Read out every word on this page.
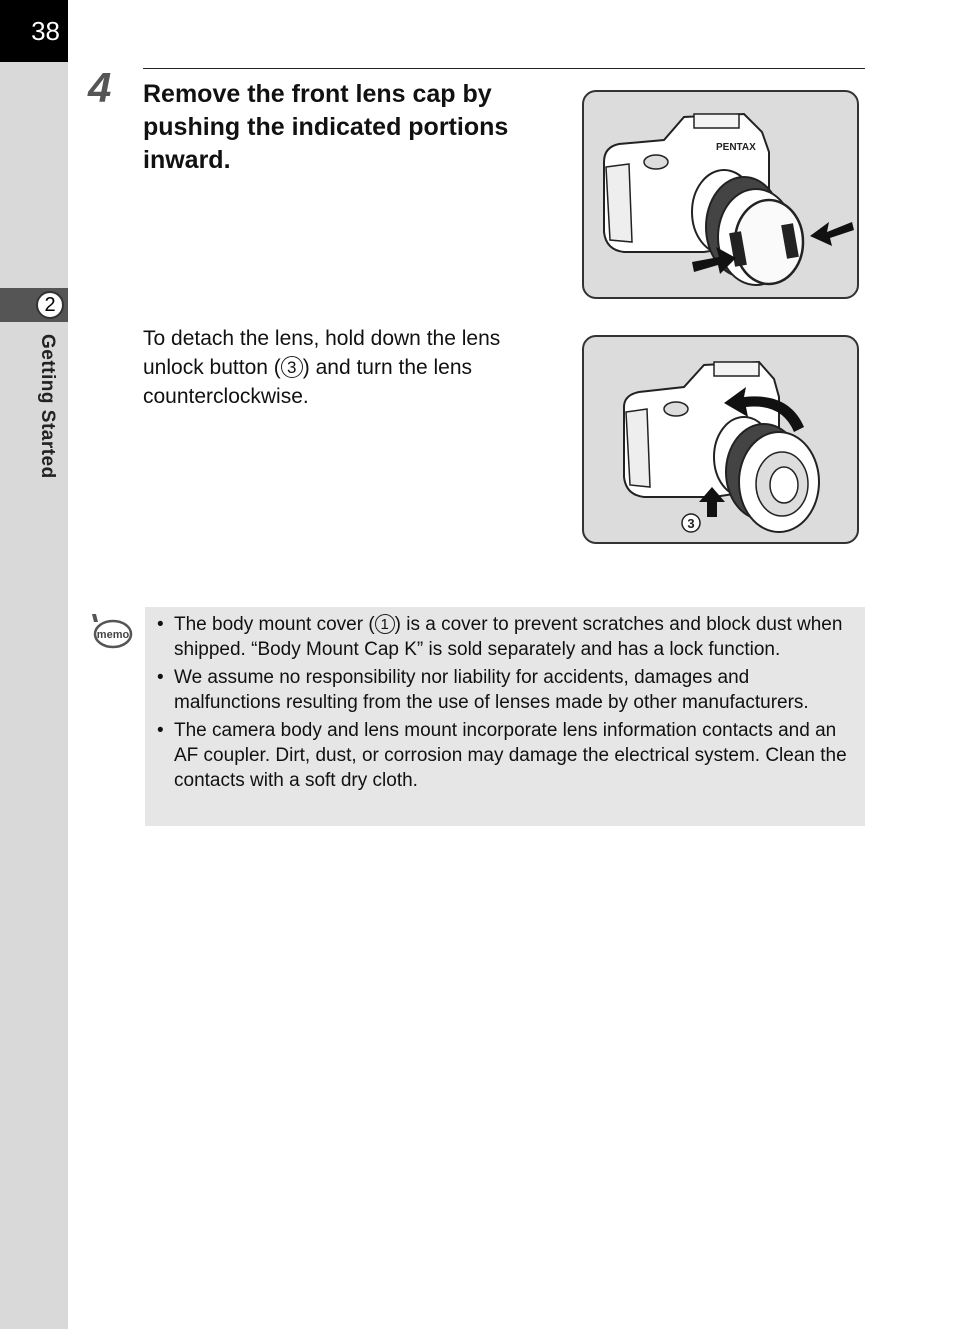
38
2
Getting Started
4 Remove the front lens cap by pushing the indicated portions inward.	PENTAX
To detach the lens, hold down the lens unlock button ( 3 ) and turn the lens counterclockwise.
3
memo
•	The body mount cover ( 1 ) is a cover to prevent scratches and block dust when shipped. “Body Mount Cap K” is sold separately and has a lock function.
• We assume no responsibility nor liability for accidents, damages and malfunctions resulting from the use of lenses made by other manufacturers.
• The camera body and lens mount incorporate lens information contacts and an AF coupler. Dirt, dust, or corrosion may damage the electrical system. Clean the contacts with a soft dry cloth.
